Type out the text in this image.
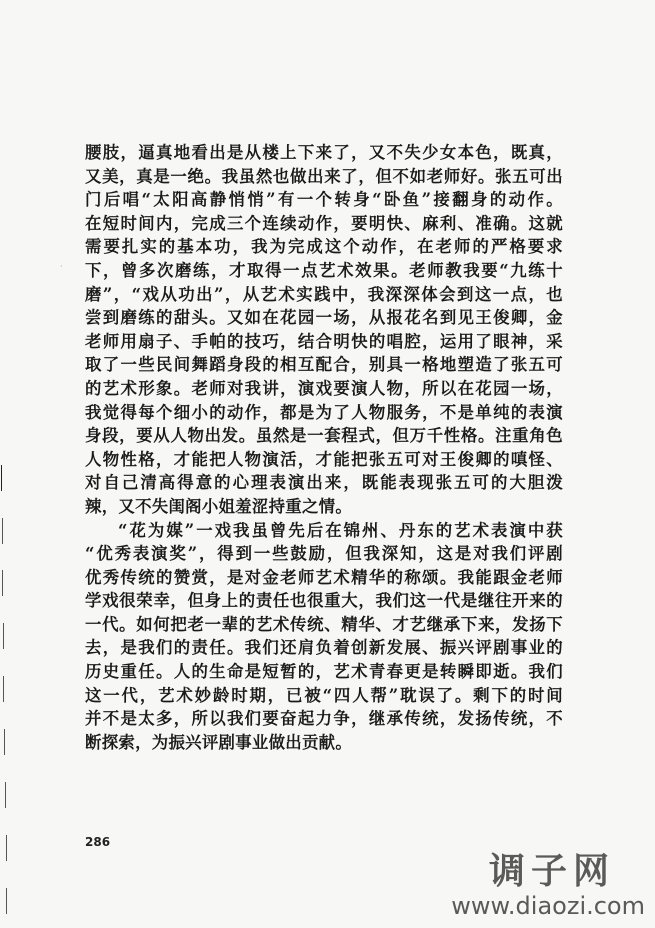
·
腰肢，逼真地看出是从楼上下来了，又不失少女本色，既真，
又美，真是一绝。我虽然也做出来了，但不如老师好。张五可出
门后唱“太阳高静悄悄”有一个转身“卧鱼”接翻身的动作。
在短时间内，完成三个连续动作，要明快、麻利、准确。这就
需要扎实的基本功，我为完成这个动作，在老师的严格要求
下，曾多次磨练，才取得一点艺术效果。老师教我要“九练十
磨”，“戏从功出”，从艺术实践中，我深深体会到这一点，也
尝到磨练的甜头。又如在花园一场，从报花名到见王俊卿，金
老师用扇子、手帕的技巧，结合明快的唱腔，运用了眼神，采
取了一些民间舞蹈身段的相互配合，别具一格地塑造了张五可
的艺术形象。老师对我讲，演戏要演人物，所以在花园一场，
我觉得每个细小的动作，都是为了人物服务，不是单纯的表演
身段，要从人物出发。虽然是一套程式，但万千性格。注重角色
人物性格，才能把人物演活，才能把张五可对王俊卿的嗔怪、
对自己清高得意的心理表演出来，既能表现张五可的大胆泼
辣，又不失闺阁小姐羞涩持重之情。
“花为媒”一戏我虽曾先后在锦州、丹东的艺术表演中获
“优秀表演奖”，得到一些鼓励，但我深知，这是对我们评剧
优秀传统的赞赏，是对金老师艺术精华的称颂。我能跟金老师
学戏很荣幸，但身上的责任也很重大，我们这一代是继往开来的
一代。如何把老一辈的艺术传统、精华、才艺继承下来，发扬下
去，是我们的责任。我们还肩负着创新发展、振兴评剧事业的
历史重任。人的生命是短暂的，艺术青春更是转瞬即逝。我们
这一代，艺术妙龄时期，已被“四人帮”耽误了。剩下的时间
并不是太多，所以我们要奋起力争，继承传统，发扬传统，不
断探索，为振兴评剧事业做出贡献。
286
调子网
www.diaozi.com
